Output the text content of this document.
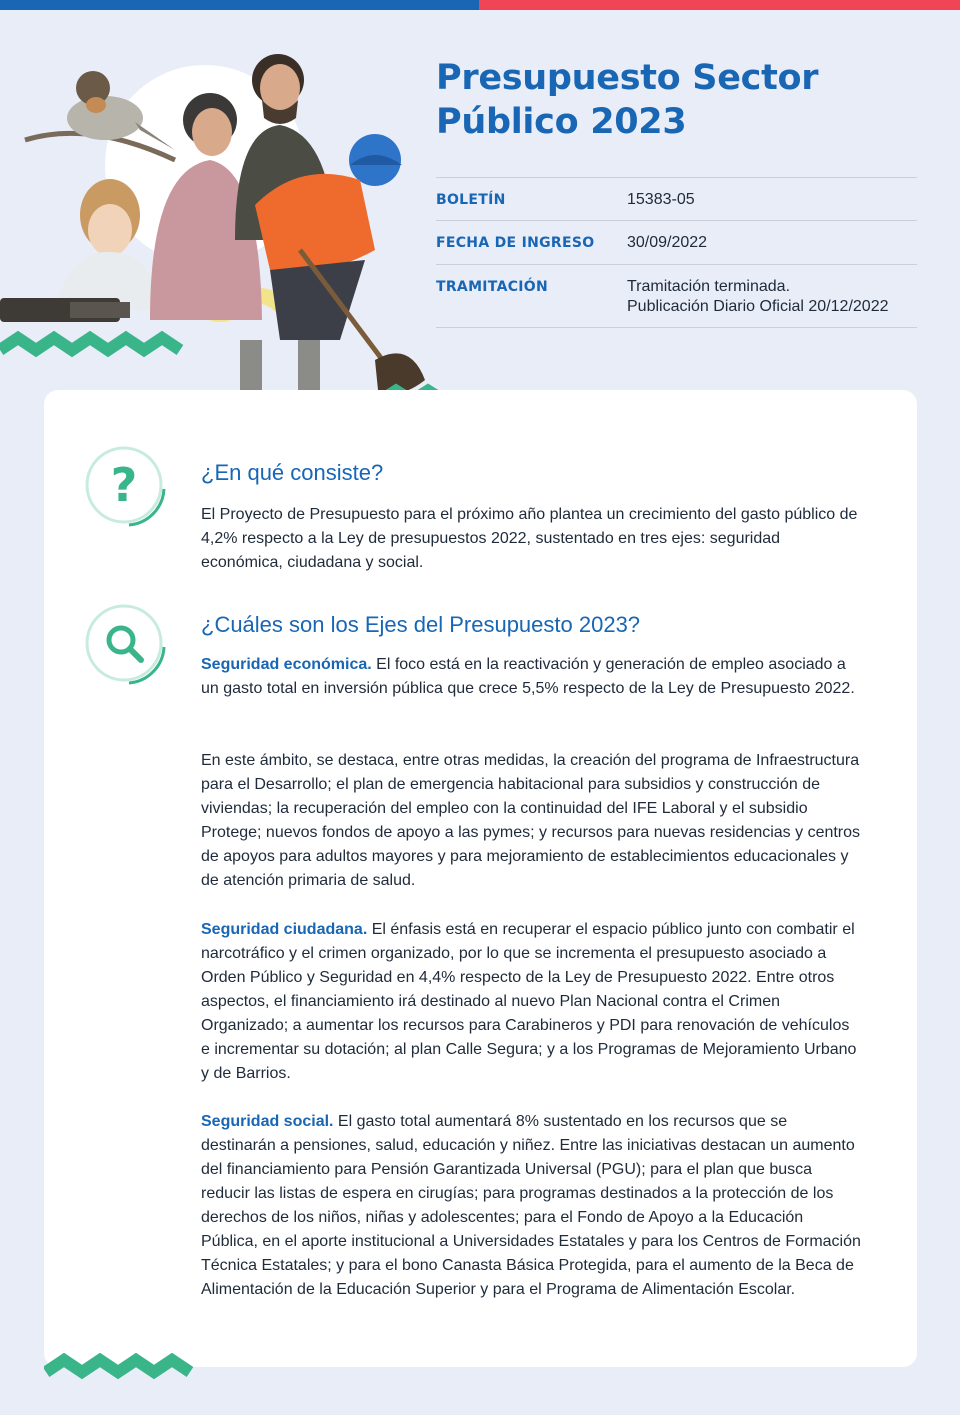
Presupuesto Sector Público 2023
BOLETÍN	15383-05
FECHA DE INGRESO	30/09/2022
TRAMITACIÓN	Tramitación terminada.
Publicación Diario Oficial 20/12/2022
?	¿En qué consiste?
El Proyecto de Presupuesto para el próximo año plantea un crecimiento del gasto público de 4,2% respecto a la Ley de presupuestos 2022, sustentado en tres ejes: seguridad económica, ciudadana y social.
¿Cuáles son los Ejes del Presupuesto 2023?
Seguridad económica. El foco está en la reactivación y generación de empleo asociado a un gasto total en inversión pública que crece 5,5% respecto de la Ley de Presupuesto 2022.
En este ámbito, se destaca, entre otras medidas, la creación del programa de Infraestructura para el Desarrollo; el plan de emergencia habitacional para subsidios y construcción de viviendas; la recuperación del empleo con la continuidad del IFE Laboral y el subsidio Protege; nuevos fondos de apoyo a las pymes; y recursos para nuevas residencias y centros de apoyos para adultos mayores y para mejoramiento de establecimientos educacionales y de atención primaria de salud.
Seguridad ciudadana. El énfasis está en recuperar el espacio público junto con combatir el narcotráfico y el crimen organizado, por lo que se incrementa el presupuesto asociado a Orden Público y Seguridad en 4,4% respecto de la Ley de Presupuesto 2022. Entre otros aspectos, el financiamiento irá destinado al nuevo Plan Nacional contra el Crimen Organizado; a aumentar los recursos para Carabineros y PDI para renovación de vehículos e incrementar su dotación; al plan Calle Segura; y a los Programas de Mejoramiento Urbano y de Barrios.
Seguridad social. El gasto total aumentará 8% sustentado en los recursos que se destinarán a pensiones, salud, educación y niñez. Entre las iniciativas destacan un aumento del financiamiento para Pensión Garantizada Universal (PGU); para el plan que busca reducir las listas de espera en cirugías; para programas destinados a la protección de los derechos de los niños, niñas y adolescentes; para el Fondo de Apoyo a la Educación Pública, en el aporte institucional a Universidades Estatales y para los Centros de Formación Técnica Estatales; y para el bono Canasta Básica Protegida, para el aumento de la Beca de Alimentación de la Educación Superior y para el Programa de Alimentación Escolar.
